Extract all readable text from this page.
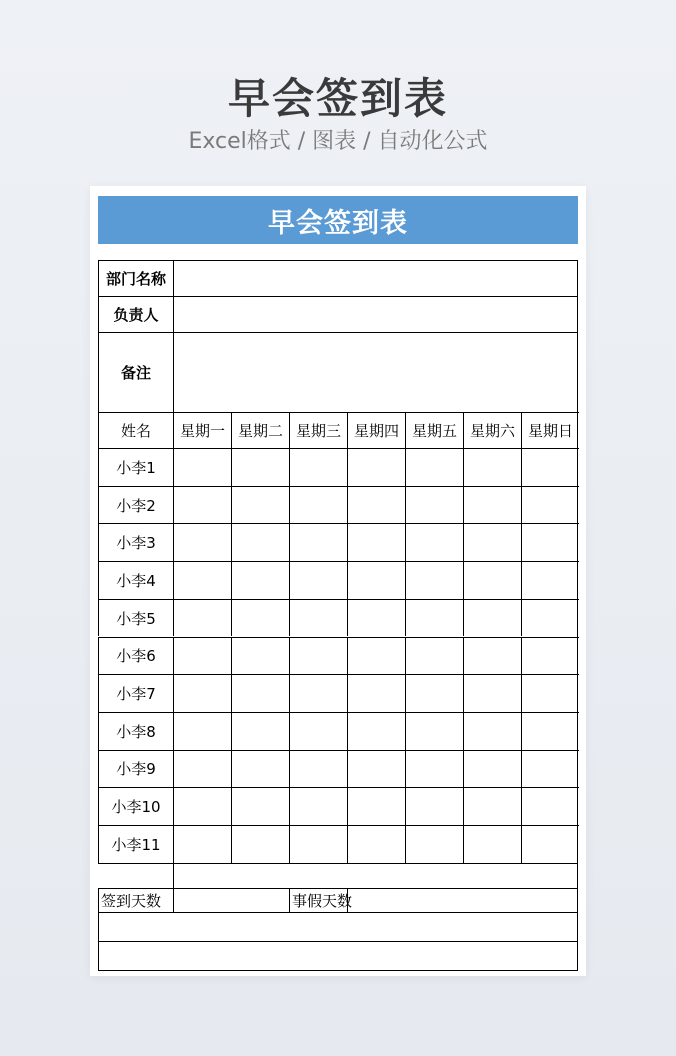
早会签到表
Excel格式 / 图表 / 自动化公式
早会签到表
部门名称
负责人
备注
姓名	星期一 星期二 星期三 星期四 星期五 星期六 星期日
小李1
小李2
小李3
小李4
小李5
小李6
小李7
小李8
小李9
小李10
小李11
签到天数	事假天数
